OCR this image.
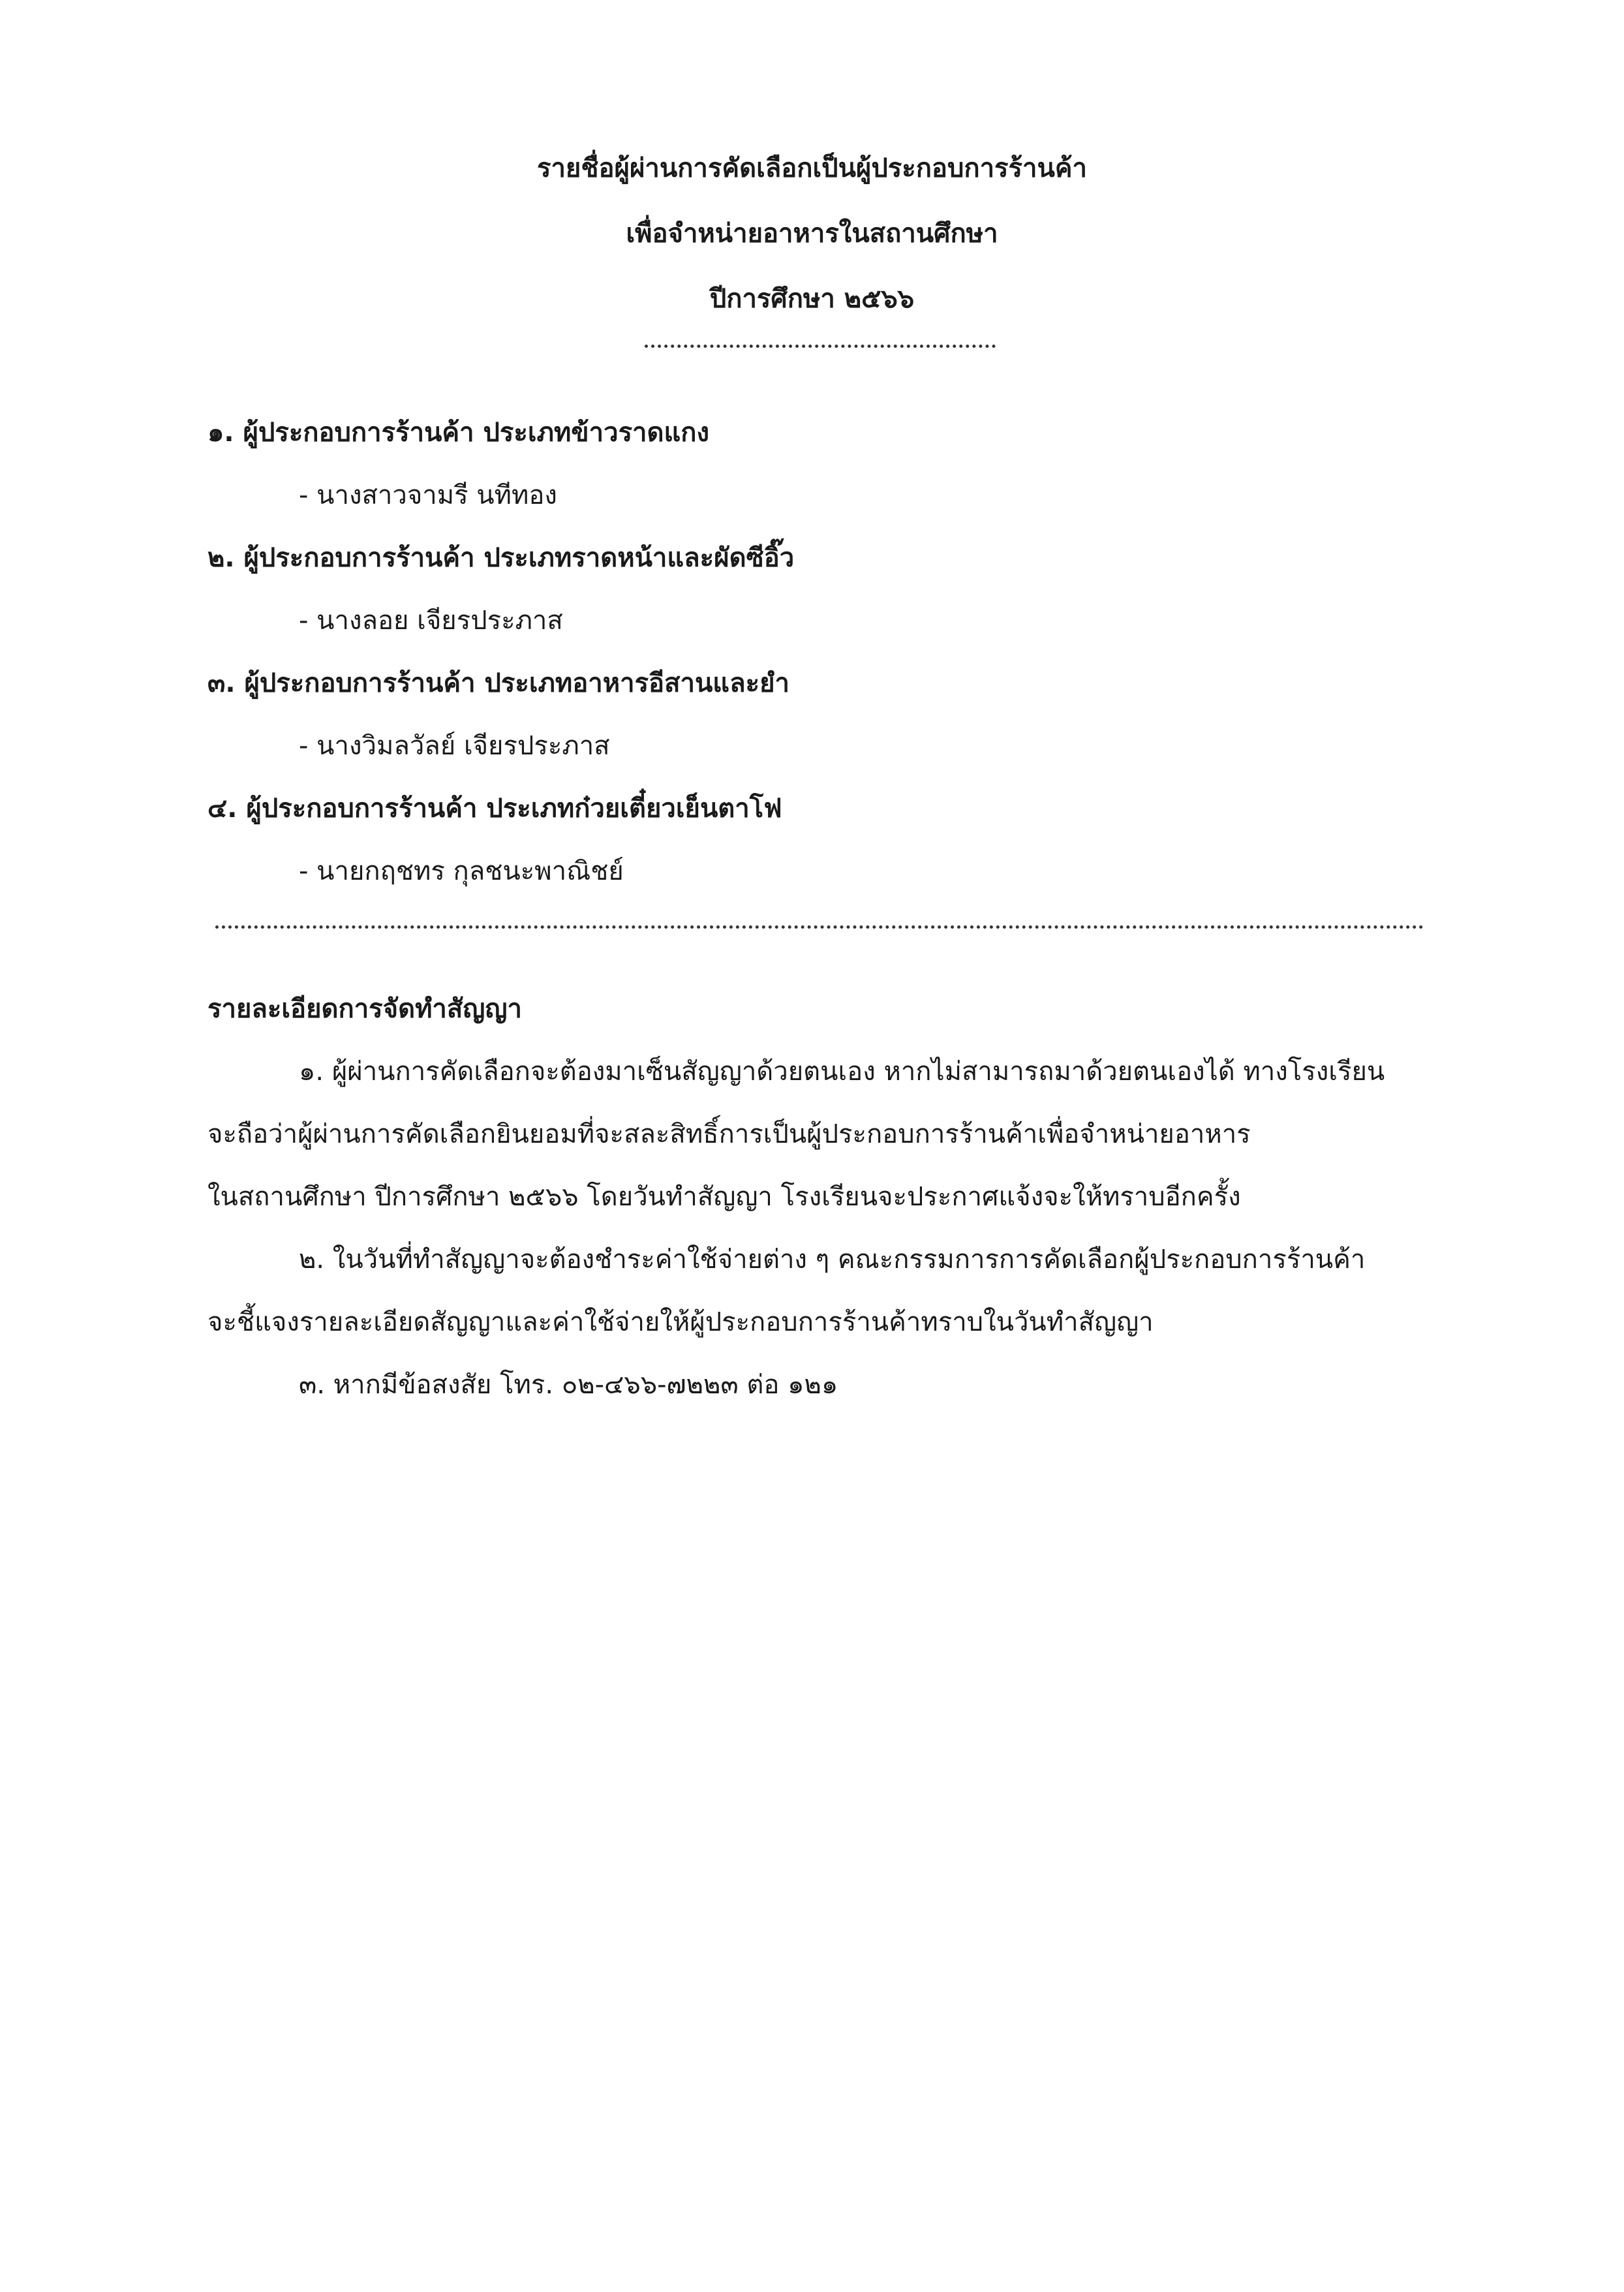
รายชื่อผู้ผ่านการคัดเลือกเป็นผู้ประกอบการร้านค้า
เพื่อจำหน่ายอาหารในสถานศึกษา
ปีการศึกษา ๒๕๖๖
๑. ผู้ประกอบการร้านค้า ประเภทข้าวราดแกง
- นางสาวจามรี นทีทอง
๒. ผู้ประกอบการร้านค้า ประเภทราดหน้าและผัดซีอิ๊ว
- นางลอย เจียรประภาส
๓. ผู้ประกอบการร้านค้า ประเภทอาหารอีสานและยำ
- นางวิมลวัลย์ เจียรประภาส
๔. ผู้ประกอบการร้านค้า ประเภทก๋วยเตี๋ยวเย็นตาโฟ
- นายกฤชทร กุลชนะพาณิชย์
รายละเอียดการจัดทำสัญญา
๑. ผู้ผ่านการคัดเลือกจะต้องมาเซ็นสัญญาด้วยตนเอง หากไม่สามารถมาด้วยตนเองได้ ทางโรงเรียน
จะถือว่าผู้ผ่านการคัดเลือกยินยอมที่จะสละสิทธิ์การเป็นผู้ประกอบการร้านค้าเพื่อจำหน่ายอาหาร
ในสถานศึกษา ปีการศึกษา ๒๕๖๖ โดยวันทำสัญญา โรงเรียนจะประกาศแจ้งจะให้ทราบอีกครั้ง
๒. ในวันที่ทำสัญญาจะต้องชำระค่าใช้จ่ายต่าง ๆ คณะกรรมการการคัดเลือกผู้ประกอบการร้านค้า
จะชี้แจงรายละเอียดสัญญาและค่าใช้จ่ายให้ผู้ประกอบการร้านค้าทราบในวันทำสัญญา
๓. หากมีข้อสงสัย โทร. ๐๒-๔๖๖-๗๒๒๓ ต่อ ๑๒๑
